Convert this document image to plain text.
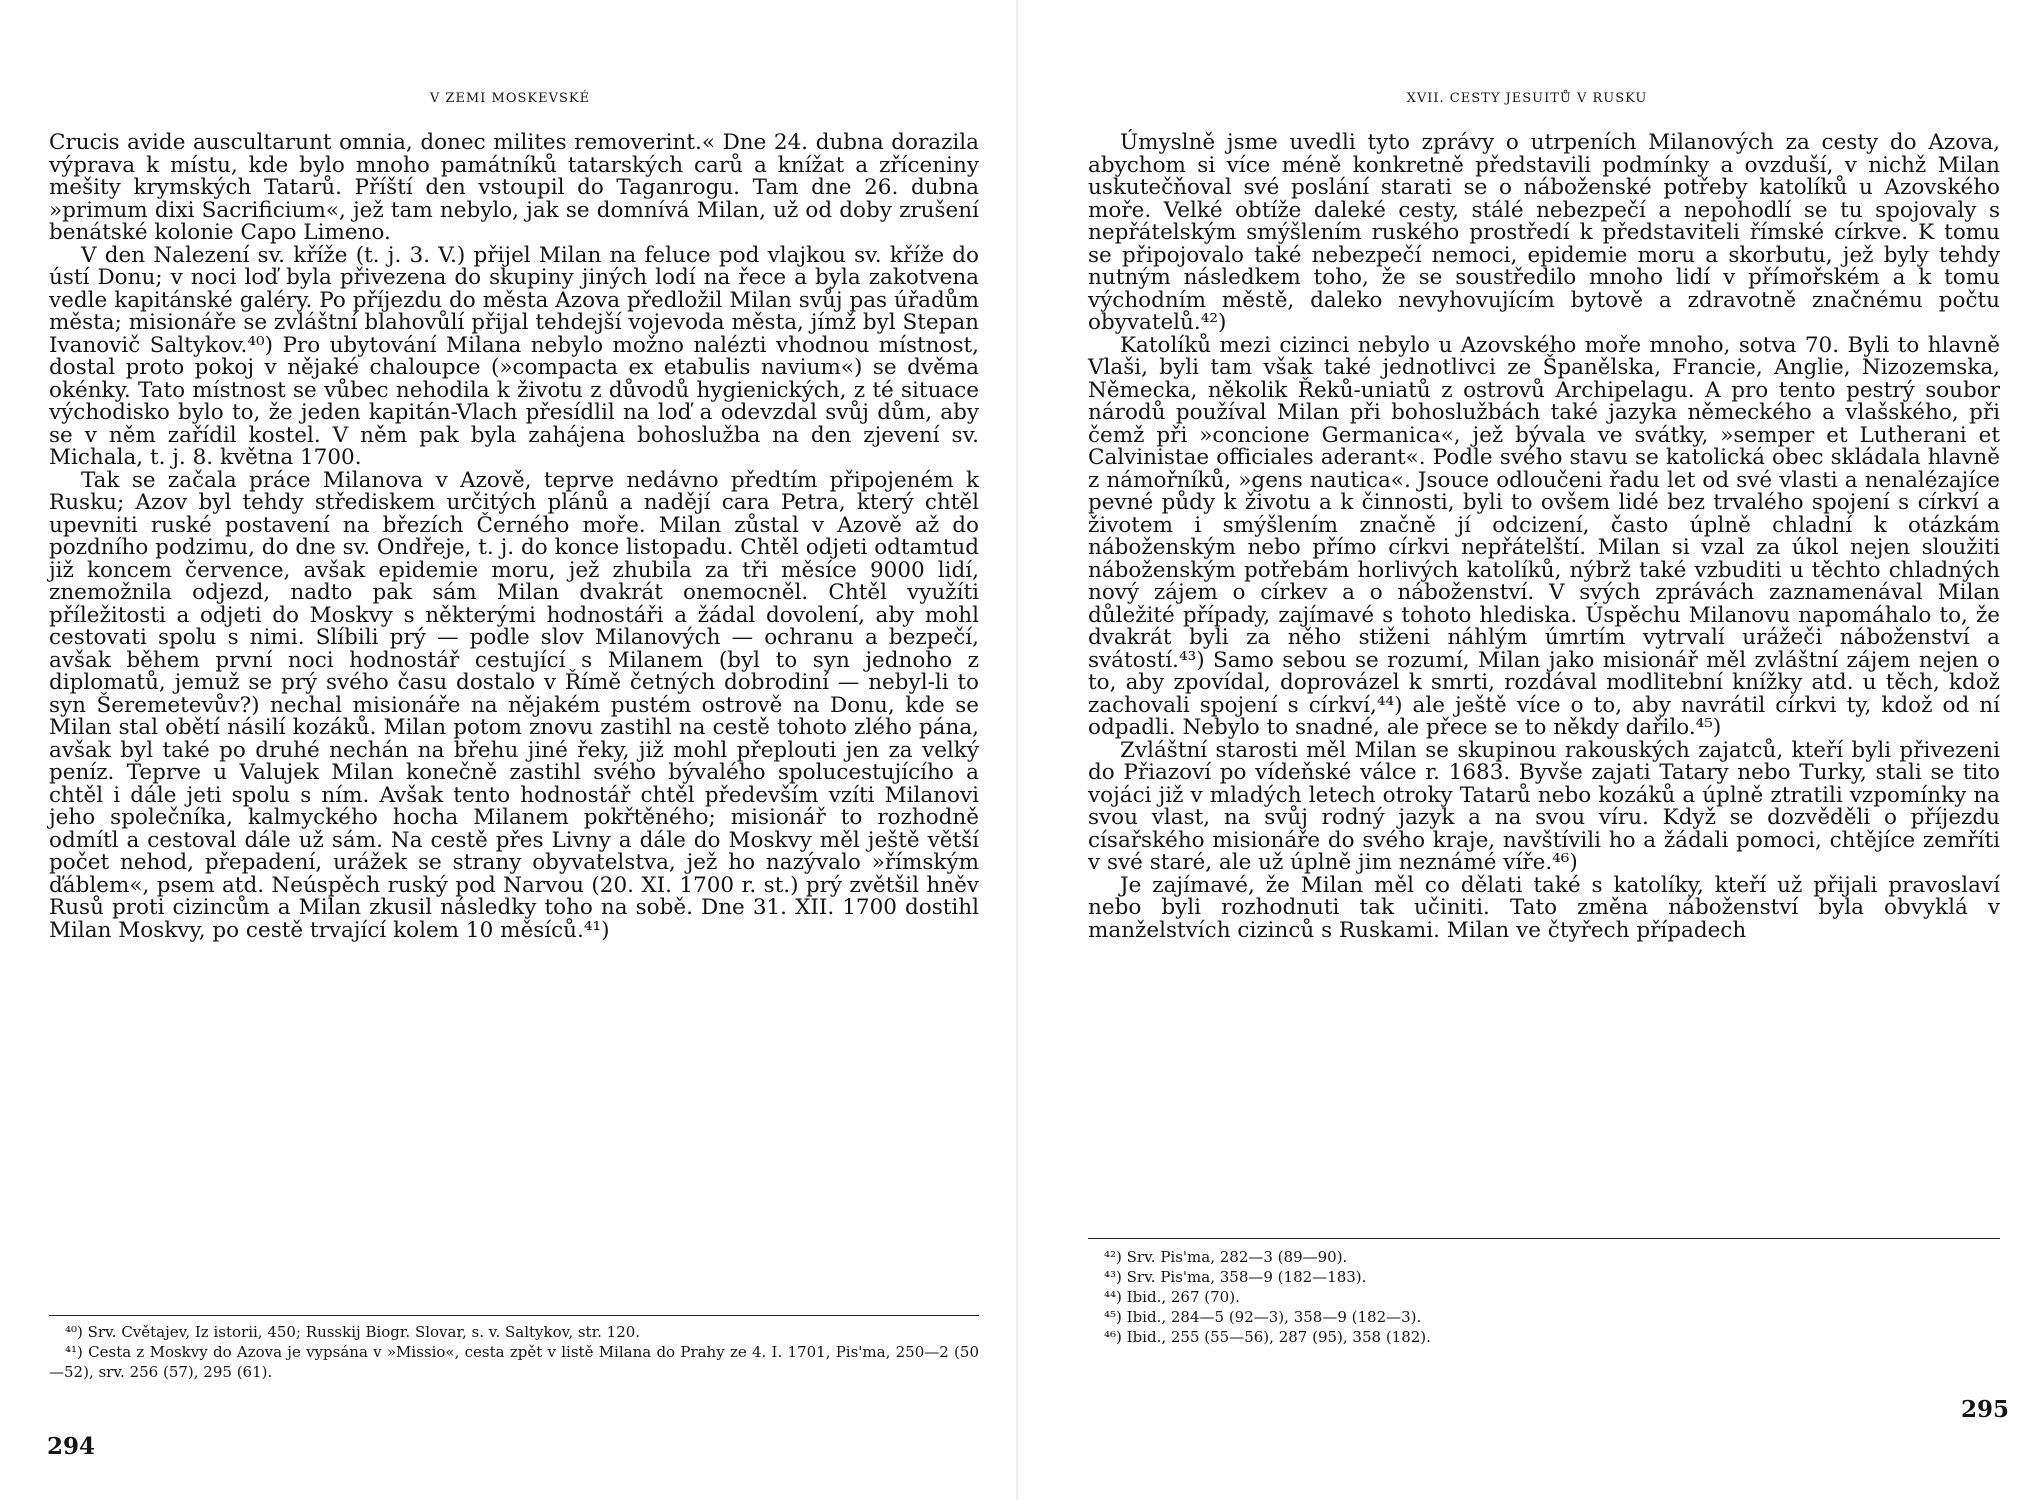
V ZEMI MOSKEVSKÉ

Crucis avide auscultarunt omnia, donec milites removerint.« Dne 24. dubna dorazila výprava k místu, kde bylo mnoho památníků tatarských carů a knížat a zříceniny mešity krymských Tatarů. Příští den vstoupil do Taganrogu. Tam dne 26. dubna »primum dixi Sacrificium«, jež tam nebylo, jak se domnívá Milan, už od doby zrušení benátské kolonie Capo Limeno.

V den Nalezení sv. kříže (t. j. 3. V.) přijel Milan na feluce pod vlajkou sv. kříže do ústí Donu; v noci loď byla přivezena do skupiny jiných lodí na řece a byla zakotvena vedle kapitánské galéry. Po příjezdu do města Azova předložil Milan svůj pas úřadům města; misionáře se zvláštní blahovůlí přijal tehdejší vojevoda města, jímž byl Stepan Ivanovič Saltykov.⁴⁰) Pro ubytování Milana nebylo možno nalézti vhodnou místnost, dostal proto pokoj v nějaké chaloupce (»compacta ex etabulis navium«) se dvěma okénky. Tato místnost se vůbec nehodila k životu z důvodů hygienických, z té situace východisko bylo to, že jeden kapitán-Vlach přesídlil na loď a odevzdal svůj dům, aby se v něm zařídil kostel. V něm pak byla zahájena bohoslužba na den zjevení sv. Michala, t. j. 8. května 1700.

Tak se začala práce Milanova v Azově, teprve nedávno předtím připojeném k Rusku; Azov byl tehdy střediskem určitých plánů a nadějí cara Petra, který chtěl upevniti ruské postavení na březích Černého moře. Milan zůstal v Azově až do pozdního podzimu, do dne sv. Ondřeje, t. j. do konce listopadu. Chtěl odjeti odtamtud již koncem července, avšak epidemie moru, jež zhubila za tři měsíce 9000 lidí, znemožnila odjezd, nadto pak sám Milan dvakrát onemocněl. Chtěl využíti příležitosti a odjeti do Moskvy s některými hodnostáři a žádal dovolení, aby mohl cestovati spolu s nimi. Slíbili prý — podle slov Milanových — ochranu a bezpečí, avšak během první noci hodnostář cestující s Milanem (byl to syn jednoho z diplomatů, jemuž se prý svého času dostalo v Římě četných dobrodiní — nebyl-li to syn Šeremetevův?) nechal misionáře na nějakém pustém ostrově na Donu, kde se Milan stal obětí násilí kozáků. Milan potom znovu zastihl na cestě tohoto zlého pána, avšak byl také po druhé nechán na břehu jiné řeky, již mohl přeplouti jen za velký peníz. Teprve u Valujek Milan konečně zastihl svého bývalého spolucestujícího a chtěl i dále jeti spolu s ním. Avšak tento hodnostář chtěl především vzíti Milanovi jeho společníka, kalmyckého hocha Milanem pokřtěného; misionář to rozhodně odmítl a cestoval dále už sám. Na cestě přes Livny a dále do Moskvy měl ještě větší počet nehod, přepadení, urážek se strany obyvatelstva, jež ho nazývalo »římským ďáblem«, psem atd. Neúspěch ruský pod Narvou (20. XI. 1700 r. st.) prý zvětšil hněv Rusů proti cizincům a Milan zkusil následky toho na sobě. Dne 31. XII. 1700 dostihl Milan Moskvy, po cestě trvající kolem 10 měsíců.⁴¹)

⁴⁰) Srv. Cvětajev, Iz istorii, 450; Russkij Biogr. Slovar, s. v. Saltykov, str. 120.

⁴¹) Cesta z Moskvy do Azova je vypsána v »Missio«, cesta zpět v listě Milana do Prahy ze 4. I. 1701, Pis'ma, 250—2 (50—52), srv. 256 (57), 295 (61).

294
XVII. CESTY JESUITŮ V RUSKU

Úmyslně jsme uvedli tyto zprávy o utrpeních Milanových za cesty do Azova, abychom si více méně konkretně představili podmínky a ovzduší, v nichž Milan uskutečňoval své poslání starati se o náboženské potřeby katolíků u Azovského moře. Velké obtíže daleké cesty, stálé nebezpečí a nepohodlí se tu spojovaly s nepřátelským smýšlením ruského prostředí k představiteli římské církve. K tomu se připojovalo také nebezpečí nemoci, epidemie moru a skorbutu, jež byly tehdy nutným následkem toho, že se soustředilo mnoho lidí v přímořském a k tomu východním městě, daleko nevyhovujícím bytově a zdravotně značnému počtu obyvatelů.⁴²)

Katolíků mezi cizinci nebylo u Azovského moře mnoho, sotva 70. Byli to hlavně Vlaši, byli tam však také jednotlivci ze Španělska, Francie, Anglie, Nizozemska, Německa, několik Řeků-uniatů z ostrovů Archipelagu. A pro tento pestrý soubor národů používal Milan při bohoslužbách také jazyka německého a vlašského, při čemž při »concione Germanica«, jež bývala ve svátky, »semper et Lutherani et Calvinistae officiales aderant«. Podle svého stavu se katolická obec skládala hlavně z námořníků, »gens nautica«. Jsouce odloučeni řadu let od své vlasti a nenalézajíce pevné půdy k životu a k činnosti, byli to ovšem lidé bez trvalého spojení s církví a životem i smýšlením značně jí odcizení, často úplně chladní k otázkám náboženským nebo přímo církvi nepřátelští. Milan si vzal za úkol nejen sloužiti náboženským potřebám horlivých katolíků, nýbrž také vzbuditi u těchto chladných nový zájem o církev a o náboženství. V svých zprávách zaznamenával Milan důležité případy, zajímavé s tohoto hlediska. Úspěchu Milanovu napomáhalo to, že dvakrát byli za něho stiženi náhlým úmrtím vytrvalí urážeči náboženství a svátostí.⁴³) Samo sebou se rozumí, Milan jako misionář měl zvláštní zájem nejen o to, aby zpovídal, doprovázel k smrti, rozdával modlitební knížky atd. u těch, kdož zachovali spojení s církví,⁴⁴) ale ještě více o to, aby navrátil církvi ty, kdož od ní odpadli. Nebylo to snadné, ale přece se to někdy dařilo.⁴⁵)

Zvláštní starosti měl Milan se skupinou rakouských zajatců, kteří byli přivezeni do Přiazoví po vídeňské válce r. 1683. Byvše zajati Tatary nebo Turky, stali se tito vojáci již v mladých letech otroky Tatarů nebo kozáků a úplně ztratili vzpomínky na svou vlast, na svůj rodný jazyk a na svou víru. Když se dozvěděli o příjezdu císařského misionáře do svého kraje, navštívili ho a žádali pomoci, chtějíce zemříti v své staré, ale už úplně jim neznámé víře.⁴⁶)

Je zajímavé, že Milan měl co dělati také s katolíky, kteří už přijali pravoslaví nebo byli rozhodnuti tak učiniti. Tato změna náboženství byla obvyklá v manželstvích cizinců s Ruskami. Milan ve čtyřech případech

⁴²) Srv. Pis'ma, 282—3 (89—90).

⁴³) Srv. Pis'ma, 358—9 (182—183).

⁴⁴) Ibid., 267 (70).

⁴⁵) Ibid., 284—5 (92—3), 358—9 (182—3).

⁴⁶) Ibid., 255 (55—56), 287 (95), 358 (182).

295
